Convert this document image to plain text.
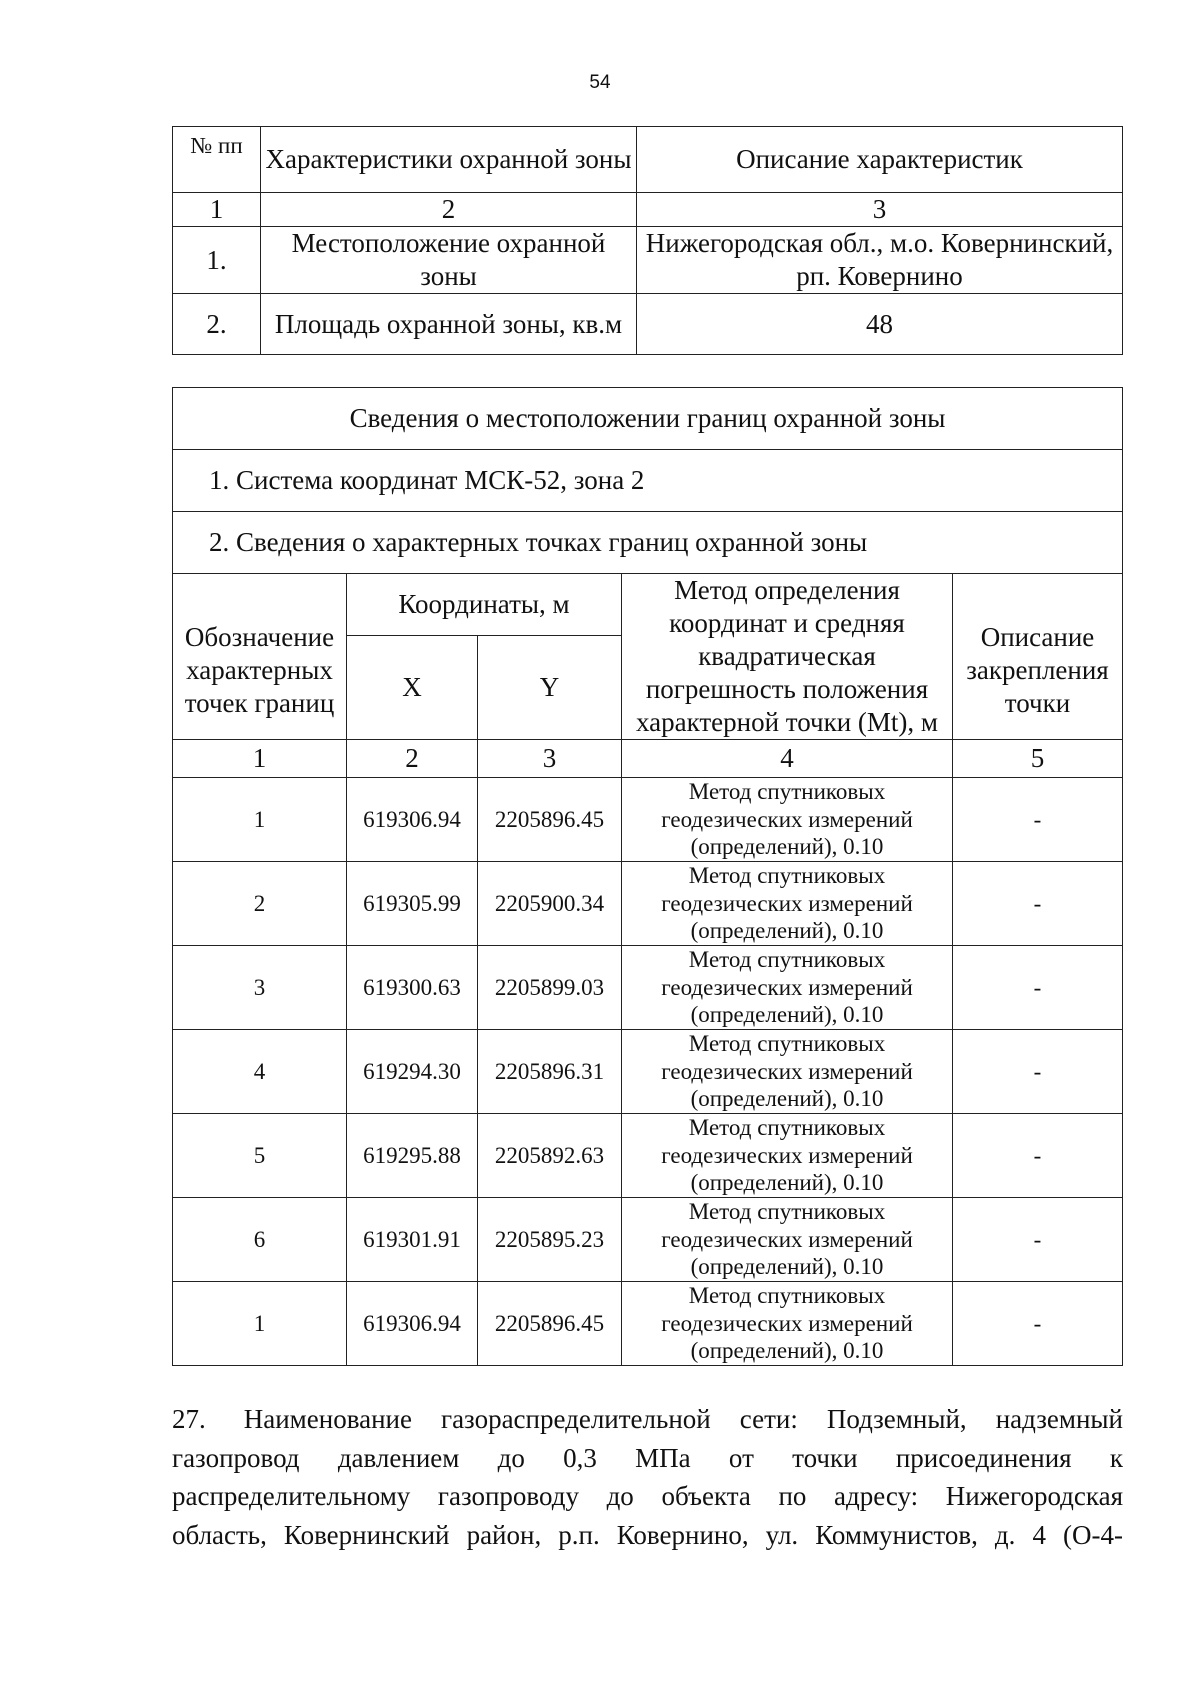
54
№ пп	Характеристики охранной зоны	Описание характеристик
1	2	3
1.	Местоположение охранной зоны	Нижегородская обл., м.о. Ковернинский, рп. Ковернино
2.	Площадь охранной зоны, кв.м	48
Сведения о местоположении границ охранной зоны				
1. Система координат МСК-52, зона 2				
2. Сведения о характерных точках границ охранной зоны				
Обозначение характерных точек границ	Координаты, м		Метод определения координат и средняя квадратическая погрешность положения характерной точки (Mt), м	Описание закрепления точки
	X	Y		
1	2	3	4	5
1	619306.94	2205896.45	Метод спутниковых геодезических измерений (определений), 0.10	-
2	619305.99	2205900.34	Метод спутниковых геодезических измерений (определений), 0.10	-
3	619300.63	2205899.03	Метод спутниковых геодезических измерений (определений), 0.10	-
4	619294.30	2205896.31	Метод спутниковых геодезических измерений (определений), 0.10	-
5	619295.88	2205892.63	Метод спутниковых геодезических измерений (определений), 0.10	-
6	619301.91	2205895.23	Метод спутниковых геодезических измерений (определений), 0.10	-
1	619306.94	2205896.45	Метод спутниковых геодезических измерений (определений), 0.10	-
27. Наименование газораспределительной сети: Подземный, надземный
газопровод давлением до 0,3 МПа от точки присоединения к
распределительному газопроводу до объекта по адресу: Нижегородская
область, Ковернинский район, р.п. Ковернино, ул. Коммунистов, д. 4 (О-4-
